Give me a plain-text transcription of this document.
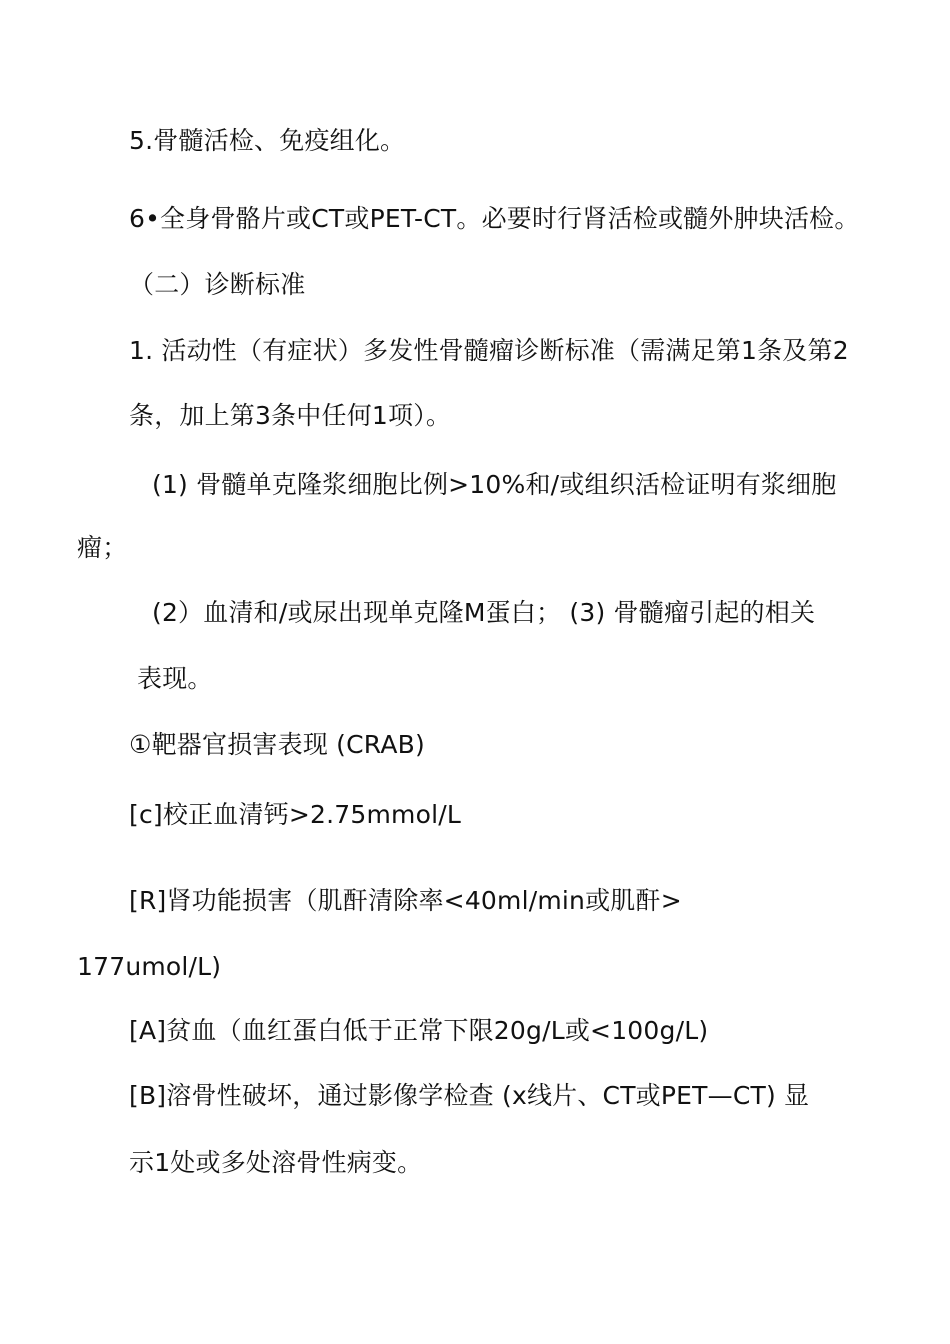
5.骨髓活检、免疫组化。
6•全身骨骼片或CT或PET-CT。必要时行肾活检或髓外肿块活检。
（二）诊断标准
1. 活动性（有症状）多发性骨髓瘤诊断标准（需满足第1条及第2
条，加上第3条中任何1项）。
(1) 骨髓单克隆浆细胞比例>10%和/或组织活检证明有浆细胞
瘤；
(2）血清和/或尿出现单克隆M蛋白； (3) 骨髓瘤引起的相关
表现。
①靶器官损害表现 (CRAB)
[c]校正血清钙>2.75mmol/L
[R]肾功能损害（肌酐清除率<40ml/min或肌酐>
177umol/L)
[A]贫血（血红蛋白低于正常下限20g/L或<100g/L)
[B]溶骨性破坏，通过影像学检查 (x线片、CT或PET—CT) 显
示1处或多处溶骨性病变。
